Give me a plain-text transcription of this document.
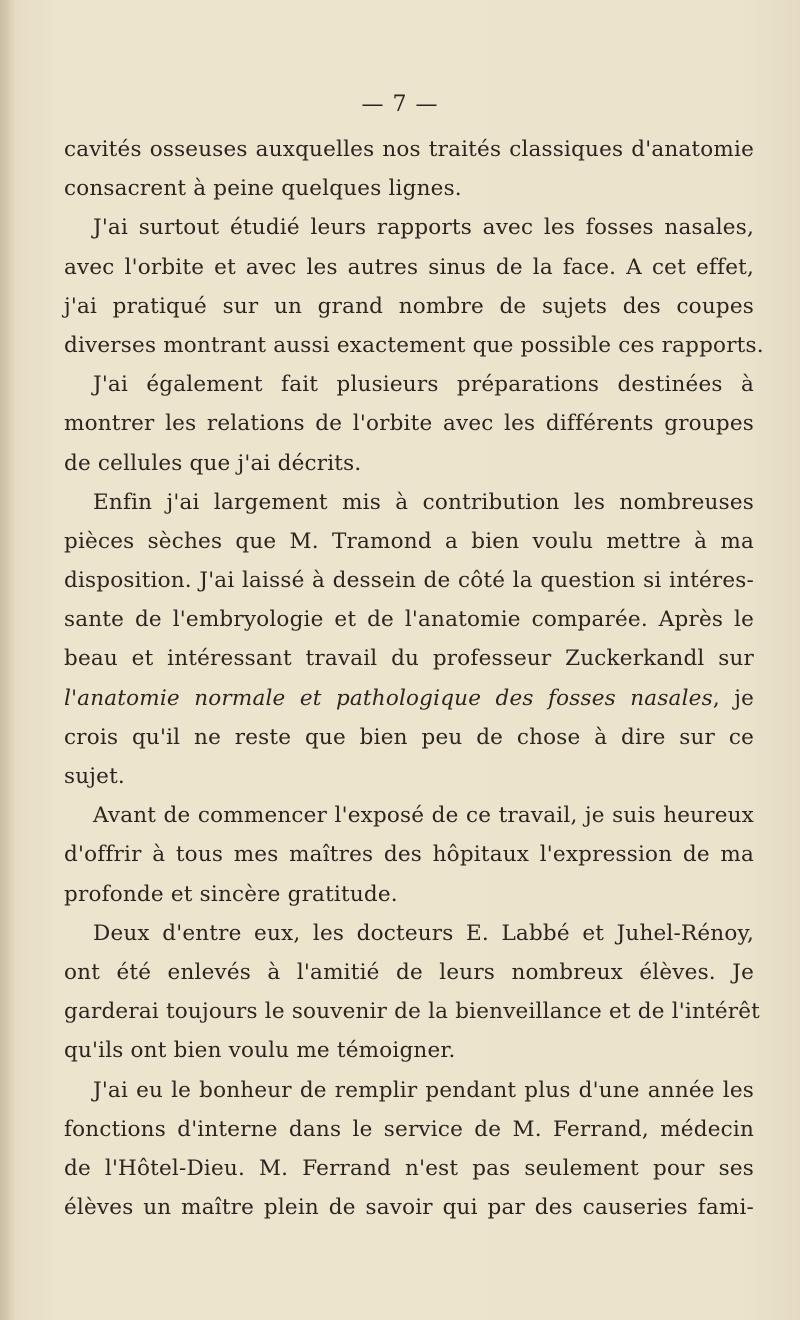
— 7 —
cavités osseuses auxquelles nos traités classiques d'anatomie
consacrent à peine quelques lignes.
J'ai surtout étudié leurs rapports avec les fosses nasales,
avec l'orbite et avec les autres sinus de la face. A cet effet,
j'ai pratiqué sur un grand nombre de sujets des coupes
diverses montrant aussi exactement que possible ces rapports.
J'ai également fait plusieurs préparations destinées à
montrer les relations de l'orbite avec les différents groupes
de cellules que j'ai décrits.
Enfin j'ai largement mis à contribution les nombreuses
pièces sèches que M. Tramond a bien voulu mettre à ma
disposition. J'ai laissé à dessein de côté la question si intéres-
sante de l'embryologie et de l'anatomie comparée. Après le
beau et intéressant travail du professeur Zuckerkandl sur
l'anatomie normale et pathologique des fosses nasales, je
crois qu'il ne reste que bien peu de chose à dire sur ce
sujet.
Avant de commencer l'exposé de ce travail, je suis heureux
d'offrir à tous mes maîtres des hôpitaux l'expression de ma
profonde et sincère gratitude.
Deux d'entre eux, les docteurs E. Labbé et Juhel-Rénoy,
ont été enlevés à l'amitié de leurs nombreux élèves. Je
garderai toujours le souvenir de la bienveillance et de l'intérêt
qu'ils ont bien voulu me témoigner.
J'ai eu le bonheur de remplir pendant plus d'une année les
fonctions d'interne dans le service de M. Ferrand, médecin
de l'Hôtel-Dieu. M. Ferrand n'est pas seulement pour ses
élèves un maître plein de savoir qui par des causeries fami-
